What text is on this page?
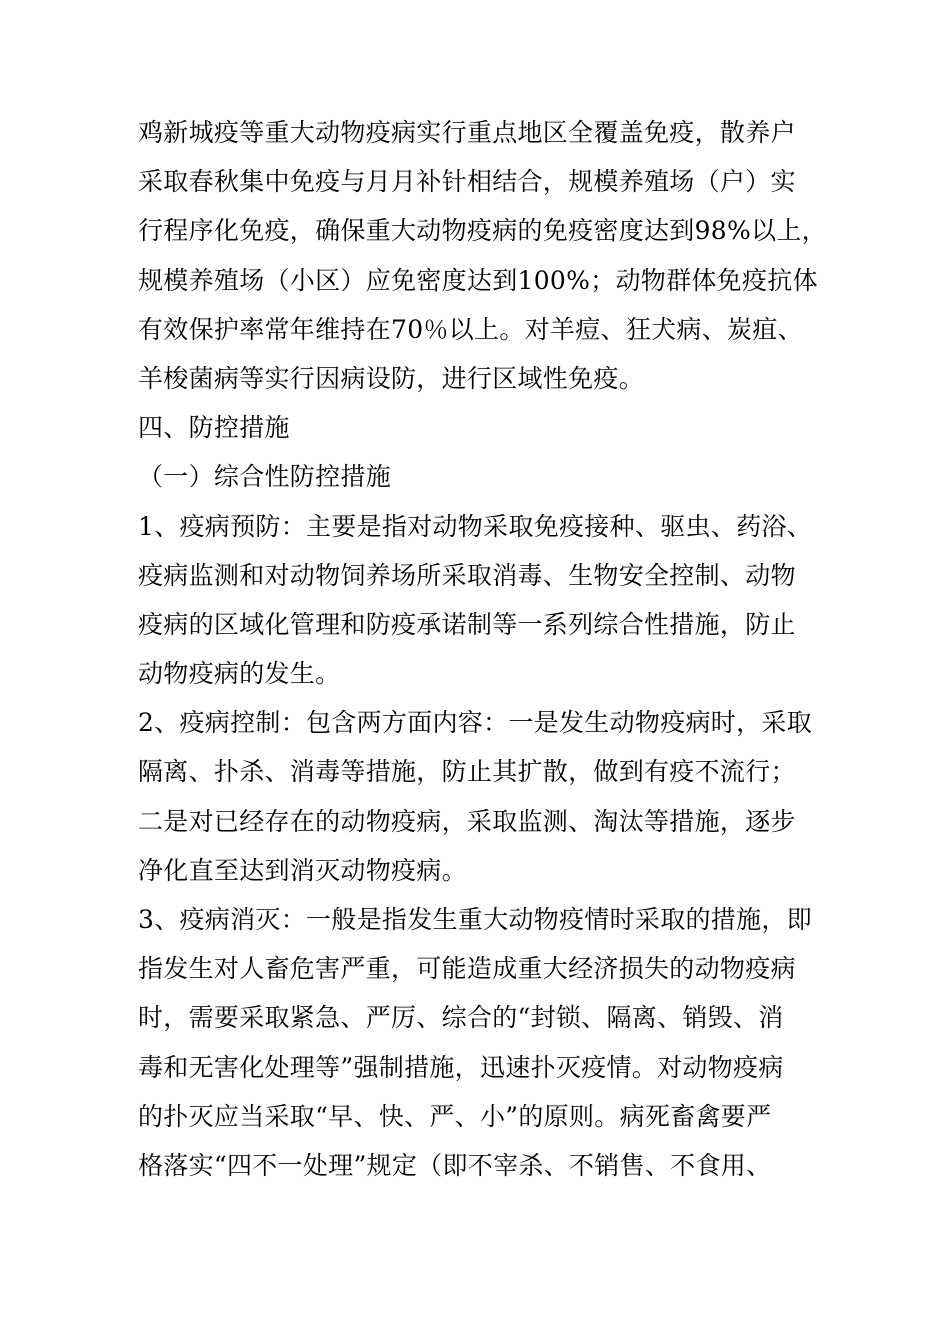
鸡新城疫等重大动物疫病实行重点地区全覆盖免疫，散养户
采取春秋集中免疫与月月补针相结合，规模养殖场（户）实
行程序化免疫，确保重大动物疫病的免疫密度达到98%以上，
规模养殖场（小区）应免密度达到100%；动物群体免疫抗体
有效保护率常年维持在70％以上。对羊痘、狂犬病、炭疽、
羊梭菌病等实行因病设防，进行区域性免疫。
四、防控措施
（一）综合性防控措施
1、疫病预防：主要是指对动物采取免疫接种、驱虫、药浴、
疫病监测和对动物饲养场所采取消毒、生物安全控制、动物
疫病的区域化管理和防疫承诺制等一系列综合性措施，防止
动物疫病的发生。
2、疫病控制：包含两方面内容：一是发生动物疫病时，采取
隔离、扑杀、消毒等措施，防止其扩散，做到有疫不流行；
二是对已经存在的动物疫病，采取监测、淘汰等措施，逐步
净化直至达到消灭动物疫病。
3、疫病消灭：一般是指发生重大动物疫情时采取的措施，即
指发生对人畜危害严重，可能造成重大经济损失的动物疫病
时，需要采取紧急、严厉、综合的“封锁、隔离、销毁、消
毒和无害化处理等”强制措施，迅速扑灭疫情。对动物疫病
的扑灭应当采取“早、快、严、小”的原则。病死畜禽要严
格落实“四不一处理”规定（即不宰杀、不销售、不食用、
